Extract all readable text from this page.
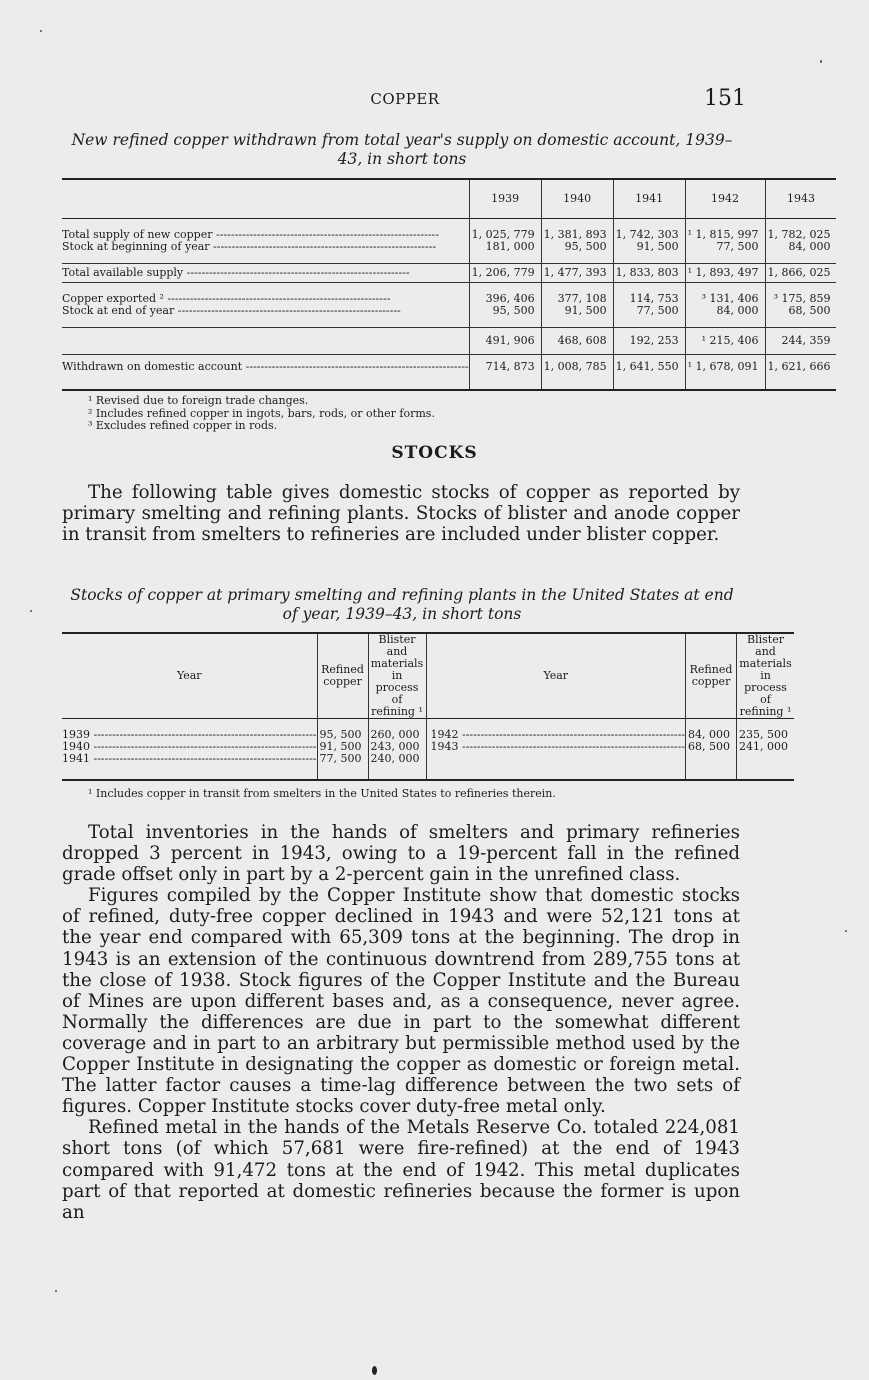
COPPER	151
New refined copper withdrawn from total year's supply on domestic account, 1939–43, in short tons
	1939	1940	1941	1942	1943

Total supply of new copper -----	1, 025, 779	1, 381, 893	1, 742, 303	¹ 1, 815, 997	1, 782, 025

Stock at beginning of year -----	181, 000	95, 500	91, 500	77, 500	84, 000

Total available supply -----	1, 206, 779	1, 477, 393	1, 833, 803	¹ 1, 893, 497	1, 866, 025

Copper exported ² -----	396, 406	377, 108	114, 753	³ 131, 406	³ 175, 859

Stock at end of year -----	95, 500	91, 500	77, 500	84, 000	68, 500

	491, 906	468, 608	192, 253	¹ 215, 406	244, 359

Withdrawn on domestic account -----	714, 873	1, 008, 785	1, 641, 550	¹ 1, 678, 091	1, 621, 666

¹ Revised due to foreign trade changes.
² Includes refined copper in ingots, bars, rods, or other forms.
³ Excludes refined copper in rods.
STOCKS

The following table gives domestic stocks of copper as reported by primary smelting and refining plants. Stocks of blister and anode copper in transit from smelters to refineries are included under blister copper.

Stocks of copper at primary smelting and refining plants in the United States at end of year, 1939–43, in short tons
Year	Refined copper	Blister and materials in process of refining ¹	Year	Refined copper	Blister and materials in process of refining ¹

1939 -----	95, 500	260, 000	1942 -----	84, 000	235, 500

1940 -----	91, 500	243, 000	1943 -----	68, 500	241, 000

1941 -----	77, 500	240, 000			

¹ Includes copper in transit from smelters in the United States to refineries therein.

Total inventories in the hands of smelters and primary refineries dropped 3 percent in 1943, owing to a 19-percent fall in the refined grade offset only in part by a 2-percent gain in the unrefined class.

Figures compiled by the Copper Institute show that domestic stocks of refined, duty-free copper declined in 1943 and were 52,121 tons at the year end compared with 65,309 tons at the beginning. The drop in 1943 is an extension of the continuous downtrend from 289,755 tons at the close of 1938. Stock figures of the Copper Institute and the Bureau of Mines are upon different bases and, as a consequence, never agree. Normally the differences are due in part to the somewhat different coverage and in part to an arbitrary but permissible method used by the Copper Institute in designating the copper as domestic or foreign metal. The latter factor causes a time-lag difference between the two sets of figures. Copper Institute stocks cover duty-free metal only.

Refined metal in the hands of the Metals Reserve Co. totaled 224,081 short tons (of which 57,681 were fire-refined) at the end of 1943 compared with 91,472 tons at the end of 1942. This metal duplicates part of that reported at domestic refineries because the former is upon an
